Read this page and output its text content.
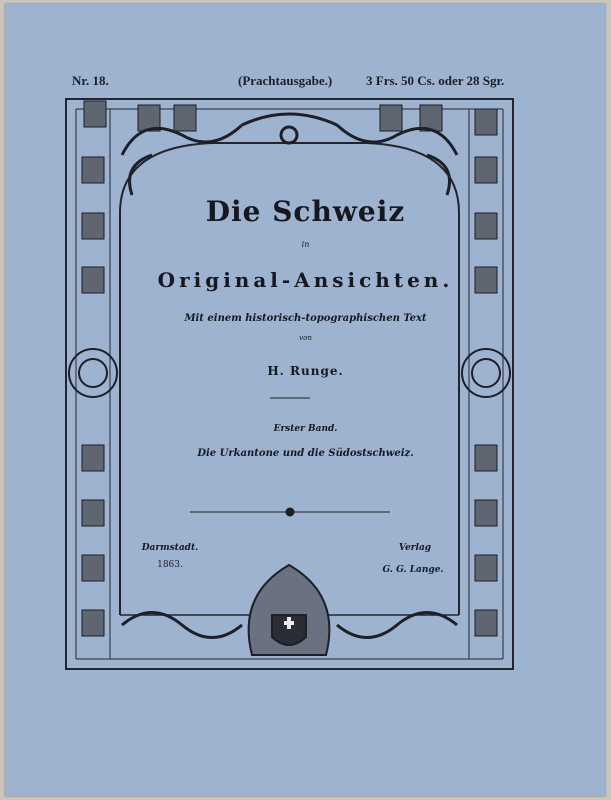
Nr. 18.	(Prachtausgabe.)	3 Frs. 50 Cs. oder 28 Sgr.
Die Schweiz
in
Original-Ansichten.
Mit einem historisch-topographischen Text
von
H. Runge.
Erster Band.
Die Urkantone und die Südostschweiz.
Darmstadt.
1863.
Verlag
G. G. Lange.
